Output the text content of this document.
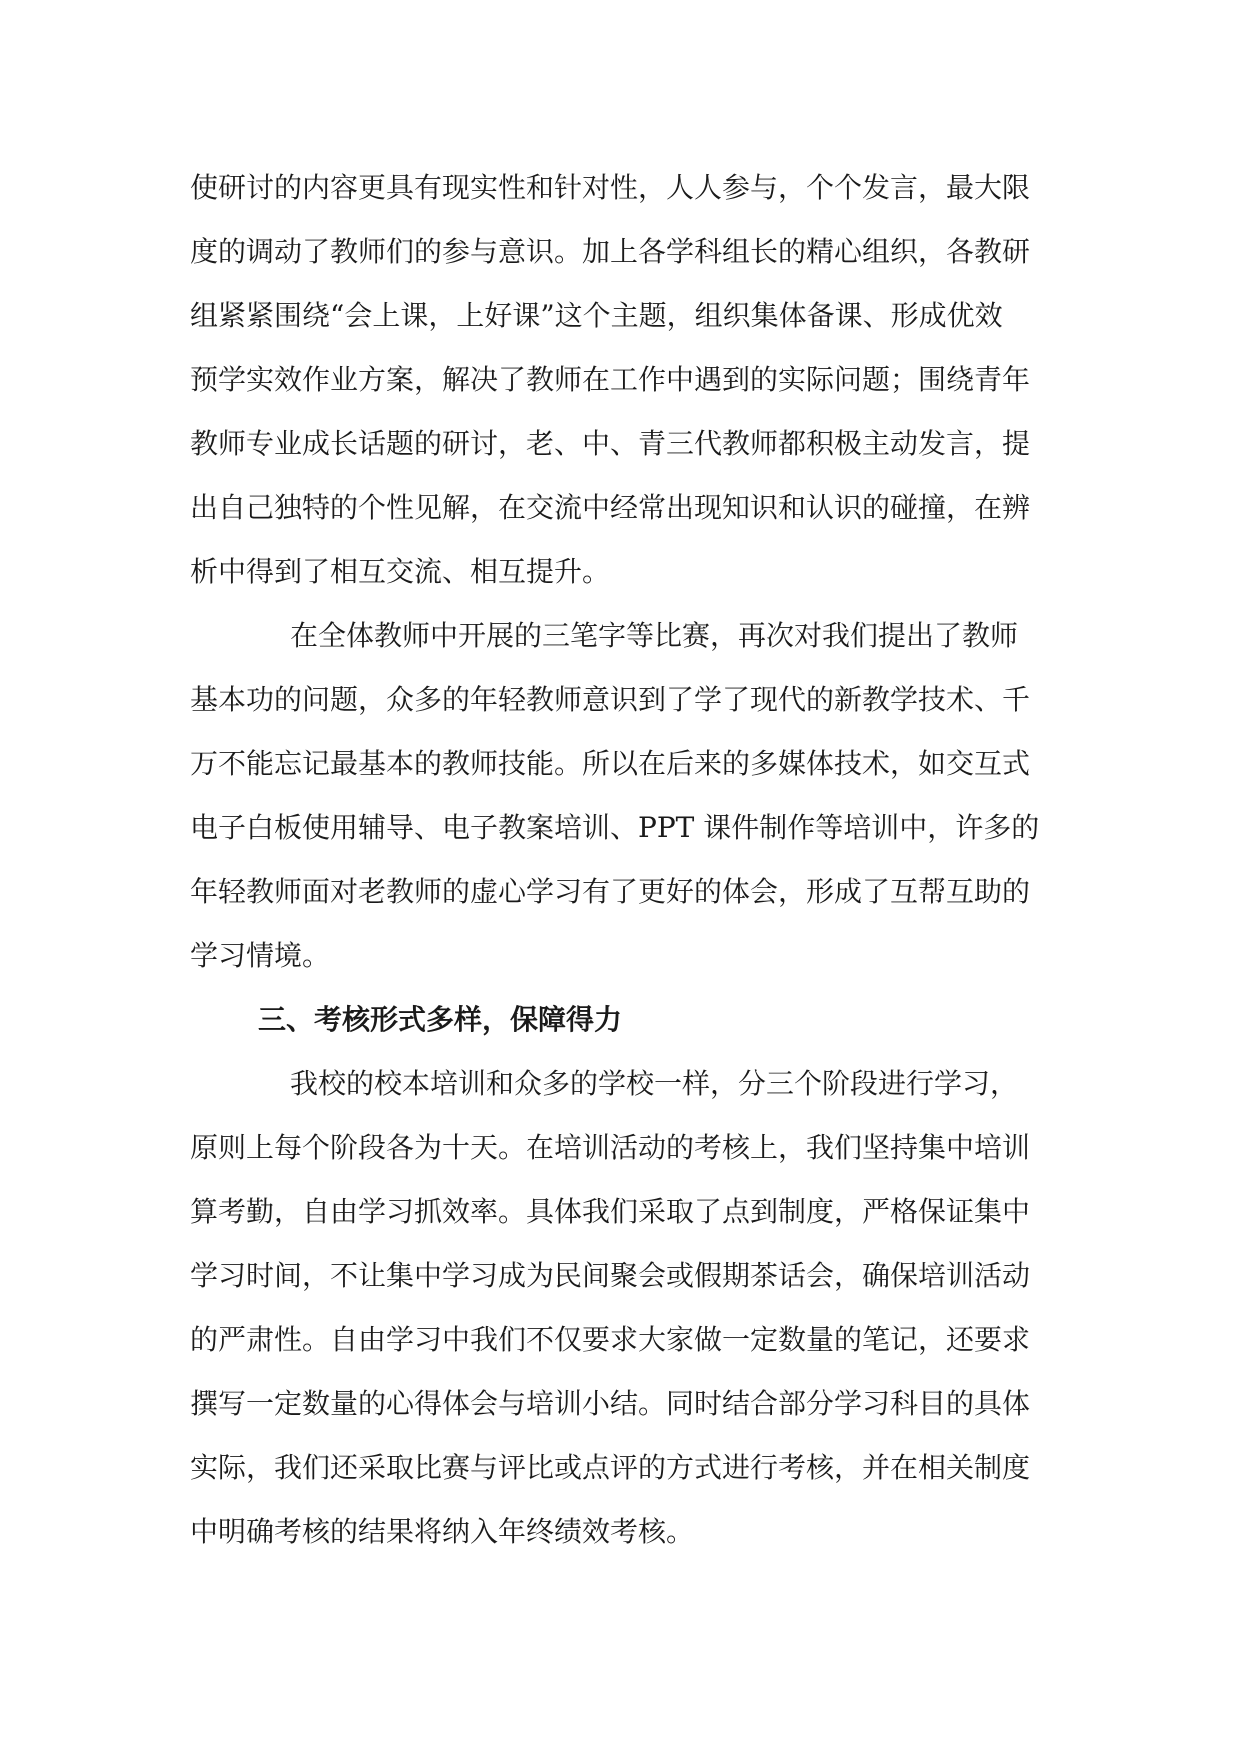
使研讨的内容更具有现实性和针对性，人人参与，个个发言，最大限
度的调动了教师们的参与意识。加上各学科组长的精心组织，各教研
组紧紧围绕“会上课，上好课”这个主题，组织集体备课、形成优效
预学实效作业方案，解决了教师在工作中遇到的实际问题；围绕青年
教师专业成长话题的研讨，老、中、青三代教师都积极主动发言，提
出自己独特的个性见解，在交流中经常出现知识和认识的碰撞，在辨
析中得到了相互交流、相互提升。
在全体教师中开展的三笔字等比赛，再次对我们提出了教师
基本功的问题，众多的年轻教师意识到了学了现代的新教学技术、千
万不能忘记最基本的教师技能。所以在后来的多媒体技术，如交互式
电子白板使用辅导、电子教案培训、PPT 课件制作等培训中，许多的
年轻教师面对老教师的虚心学习有了更好的体会，形成了互帮互助的
学习情境。
三、考核形式多样，保障得力
我校的校本培训和众多的学校一样，分三个阶段进行学习，
原则上每个阶段各为十天。在培训活动的考核上，我们坚持集中培训
算考勤，自由学习抓效率。具体我们采取了点到制度，严格保证集中
学习时间，不让集中学习成为民间聚会或假期茶话会，确保培训活动
的严肃性。自由学习中我们不仅要求大家做一定数量的笔记，还要求
撰写一定数量的心得体会与培训小结。同时结合部分学习科目的具体
实际，我们还采取比赛与评比或点评的方式进行考核，并在相关制度
中明确考核的结果将纳入年终绩效考核。
